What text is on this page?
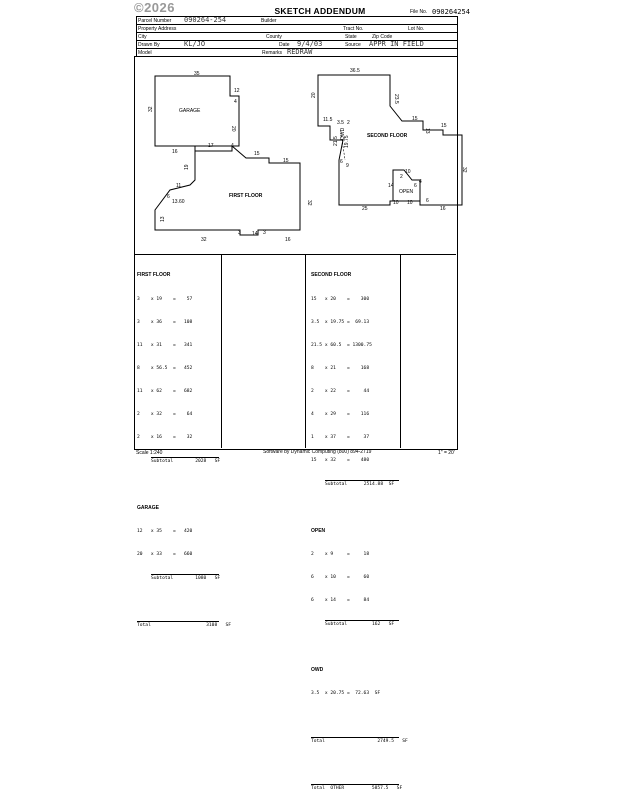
©2026	SKETCH ADDENDUM	File No. 090264254
Parcel Number 090264-254	Builder
Property Address	Tract No.
City	County	State	Zip Code
Lot No.
Drawn By	KL/JO	Date 9/4/03	Source APPR IN FIELD
Model	Remarks REDRAW
GARAGE
FIRST FLOOR
SECOND FLOOR
OPEN
OWD
35
12
4
20
32
17	4
15
15
16
19
11
6
13.60
13
32
32
3 14 3
16
36.5
20	23.5
11.5 3.5 2
19.75
21.5
6
9
15
15
13
32
14
2
10
6
4
25
10 10	6
16

FIRST FLOOR

3    x 19    =    57

3    x 36    =   108

11   x 31    =   341

8    x 56.5  =   452

11   x 62    =   682

2    x 32    =    64

2    x 16    =    32

Subtotal        2028   SF

GARAGE

12   x 35    =   420

20   x 33    =   660

Subtotal        1080   SF

Total                    3108   SF

SECOND FLOOR

15   x 20    =    300

3.5  x 19.75 =  69.13

21.5 x 60.5  = 1300.75

8    x 21    =    168

2    x 22    =     44

4    x 29    =    116

1    x 37    =     37

15   x 32    =    480

Subtotal      2514.88  SF

OPEN

2    x 9     =     18

6    x 10    =     60

6    x 14    =     84

Subtotal         162   SF

OWD

3.5  x 20.75 =  72.63  SF

Total                   2749.5   SF

Total  OTHER          5857.5   SF

Scale 1:240	Software by Dynamic Computing (800) 894-2719	1" = 20'
